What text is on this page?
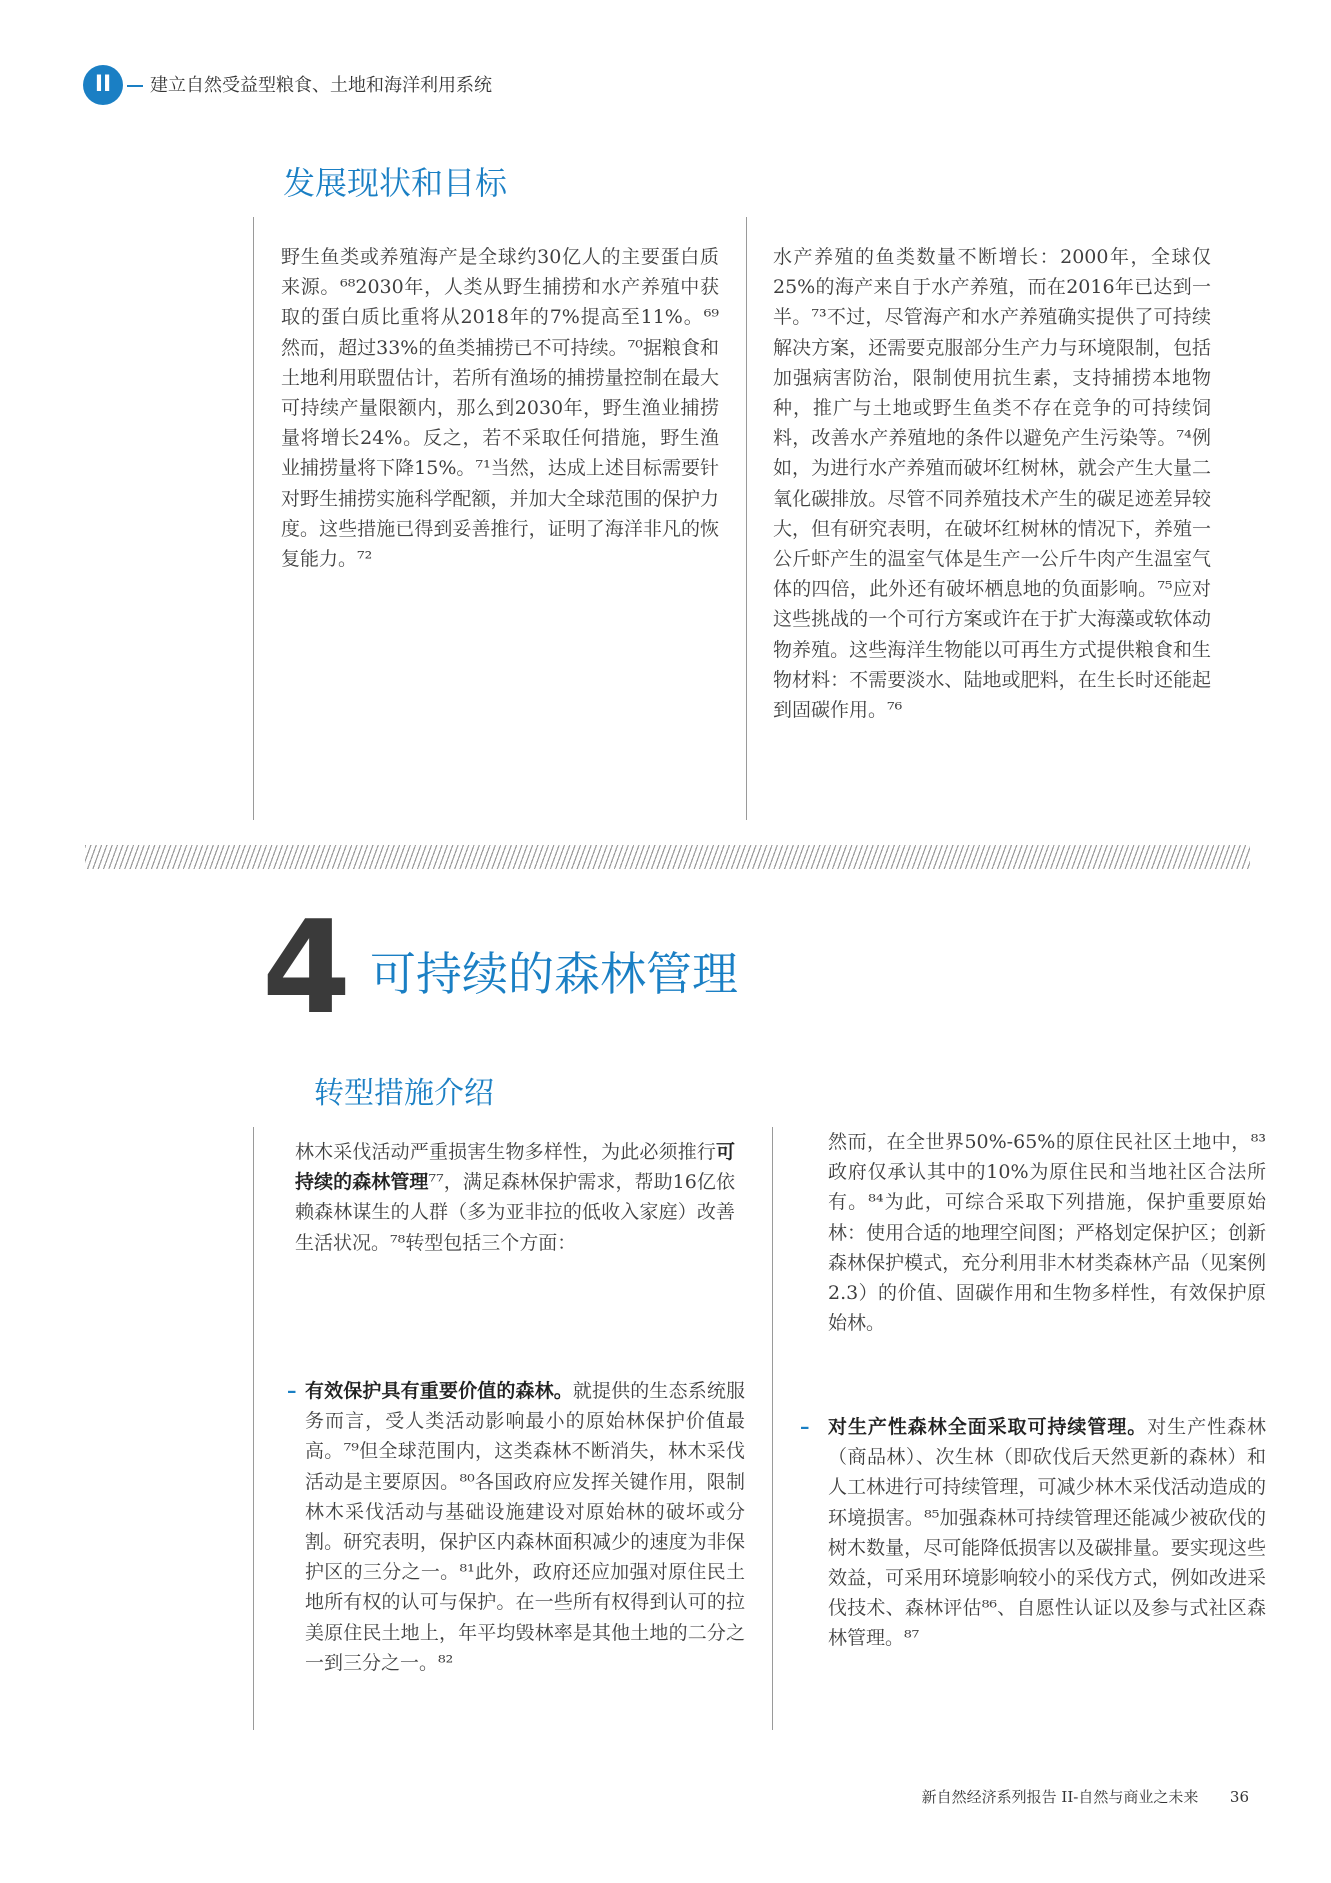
II	建立自然受益型粮食、土地和海洋利用系统
发展现状和目标
野生鱼类或养殖海产是全球约30亿人的主要蛋白质来源。⁶⁸2030年，人类从野生捕捞和水产养殖中获取的蛋白质比重将从2018年的7%提高至11%。⁶⁹然而，超过33%的鱼类捕捞已不可持续。⁷⁰据粮食和土地利用联盟估计，若所有渔场的捕捞量控制在最大可持续产量限额内，那么到2030年，野生渔业捕捞量将增长24%。反之，若不采取任何措施，野生渔业捕捞量将下降15%。⁷¹当然，达成上述目标需要针对野生捕捞实施科学配额，并加大全球范围的保护力度。这些措施已得到妥善推行，证明了海洋非凡的恢复能力。⁷²
水产养殖的鱼类数量不断增长：2000年，全球仅25%的海产来自于水产养殖，而在2016年已达到一半。⁷³不过，尽管海产和水产养殖确实提供了可持续解决方案，还需要克服部分生产力与环境限制，包括加强病害防治，限制使用抗生素，支持捕捞本地物种，推广与土地或野生鱼类不存在竞争的可持续饲料，改善水产养殖地的条件以避免产生污染等。⁷⁴例如，为进行水产养殖而破坏红树林，就会产生大量二氧化碳排放。尽管不同养殖技术产生的碳足迹差异较大，但有研究表明，在破坏红树林的情况下，养殖一公斤虾产生的温室气体是生产一公斤牛肉产生温室气体的四倍，此外还有破坏栖息地的负面影响。⁷⁵应对这些挑战的一个可行方案或许在于扩大海藻或软体动物养殖。这些海洋生物能以可再生方式提供粮食和生物材料：不需要淡水、陆地或肥料，在生长时还能起到固碳作用。⁷⁶
4 可持续的森林管理
转型措施介绍
林木采伐活动严重损害生物多样性，为此必须推行可持续的森林管理⁷⁷，满足森林保护需求，帮助16亿依赖森林谋生的人群（多为亚非拉的低收入家庭）改善生活状况。⁷⁸转型包括三个方面：
然而，在全世界50%-65%的原住民社区土地中，⁸³政府仅承认其中的10%为原住民和当地社区合法所有。⁸⁴为此，可综合采取下列措施，保护重要原始林：使用合适的地理空间图；严格划定保护区；创新森林保护模式，充分利用非木材类森林产品（见案例2.3）的价值、固碳作用和生物多样性，有效保护原始林。
– 有效保护具有重要价值的森林。就提供的生态系统服务而言，受人类活动影响最小的原始林保护价值最高。⁷⁹但全球范围内，这类森林不断消失，林木采伐活动是主要原因。⁸⁰各国政府应发挥关键作用，限制林木采伐活动与基础设施建设对原始林的破坏或分割。研究表明，保护区内森林面积减少的速度为非保护区的三分之一。⁸¹此外，政府还应加强对原住民土地所有权的认可与保护。在一些所有权得到认可的拉美原住民土地上，年平均毁林率是其他土地的二分之一到三分之一。⁸²
– 对生产性森林全面采取可持续管理。对生产性森林（商品林）、次生林（即砍伐后天然更新的森林）和人工林进行可持续管理，可减少林木采伐活动造成的环境损害。⁸⁵加强森林可持续管理还能减少被砍伐的树木数量，尽可能降低损害以及碳排量。要实现这些效益，可采用环境影响较小的采伐方式，例如改进采伐技术、森林评估⁸⁶、自愿性认证以及参与式社区森林管理。⁸⁷
新自然经济系列报告 II-自然与商业之未来 36
